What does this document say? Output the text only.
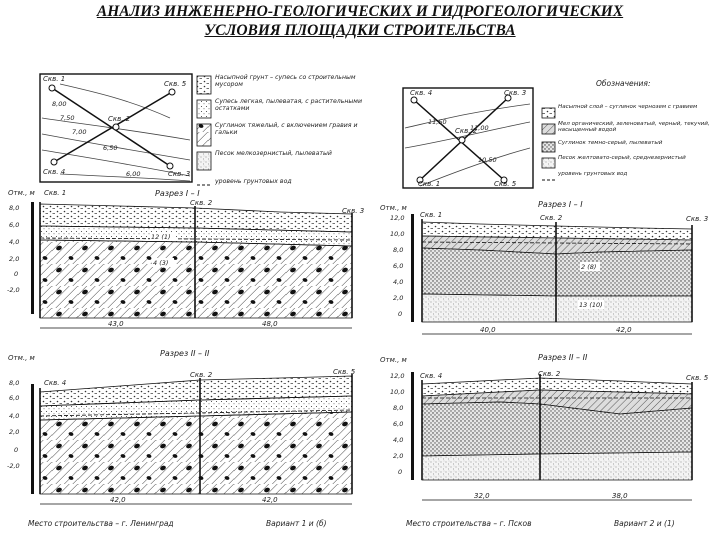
АНАЛИЗ ИНЖЕНЕРНО-ГЕОЛОГИЧЕСКИХ И ГИДРОГЕОЛОГИЧЕСКИХ
УСЛОВИЯ ПЛОЩАДКИ СТРОИТЕЛЬСТВА
Скв. 1
Скв. 5
Скв. 2
Скв. 4	Скв. 3
8,00
7,50
7,00
6,50
6,00
Насыпной грунт – супесь со строительным мусором
Супесь легкая, пылеватая, с растительными остатками
Суглинок тяжелый, с включением гравия и гальки
Песок мелкозернистый, пылеватый
уровень грунтовых вод
Отм., м Скв. 1	Разрез I – I
Скв. 2
Скв. 3
8,0
6,0
4,0
2,0
0
-2,0
12 (1)
4 (3)
43,0	48,0
Отм., м	Разрез II – II
Скв. 4
Скв. 2	Скв. 5
8,0
6,0
4,0
2,0
0
-2,0
42,0	42,0
Место строительства – г. Ленинград	Вариант 1 и (б)
Скв. 4	Скв. 3
Скв. 2
Скв. 1	Скв. 5
11,50
11,00
10,50
Обозначения:
Насыпной слой – суглинок чернозем с гравием
Мел органический, зеленоватый, черный, текучий, насыщенный водой
Суглинок темно-серый, пылеватый
Песок желтовато-серый, среднезернистый
уровень грунтовых вод
Отм., м	Разрез I – I
Скв. 1	Скв. 2	Скв. 3
12,0
10,0
8,0
6,0
4,0
2,0
0
2 (8)
13 (10)
40,0	42,0
Отм., м	Разрез II – II
Скв. 4	Скв. 2	Скв. 5
12,0
10,0
8,0
6,0
4,0
2,0
0
32,0	38,0
Место строительства – г. Псков	Вариант 2 и (1)
